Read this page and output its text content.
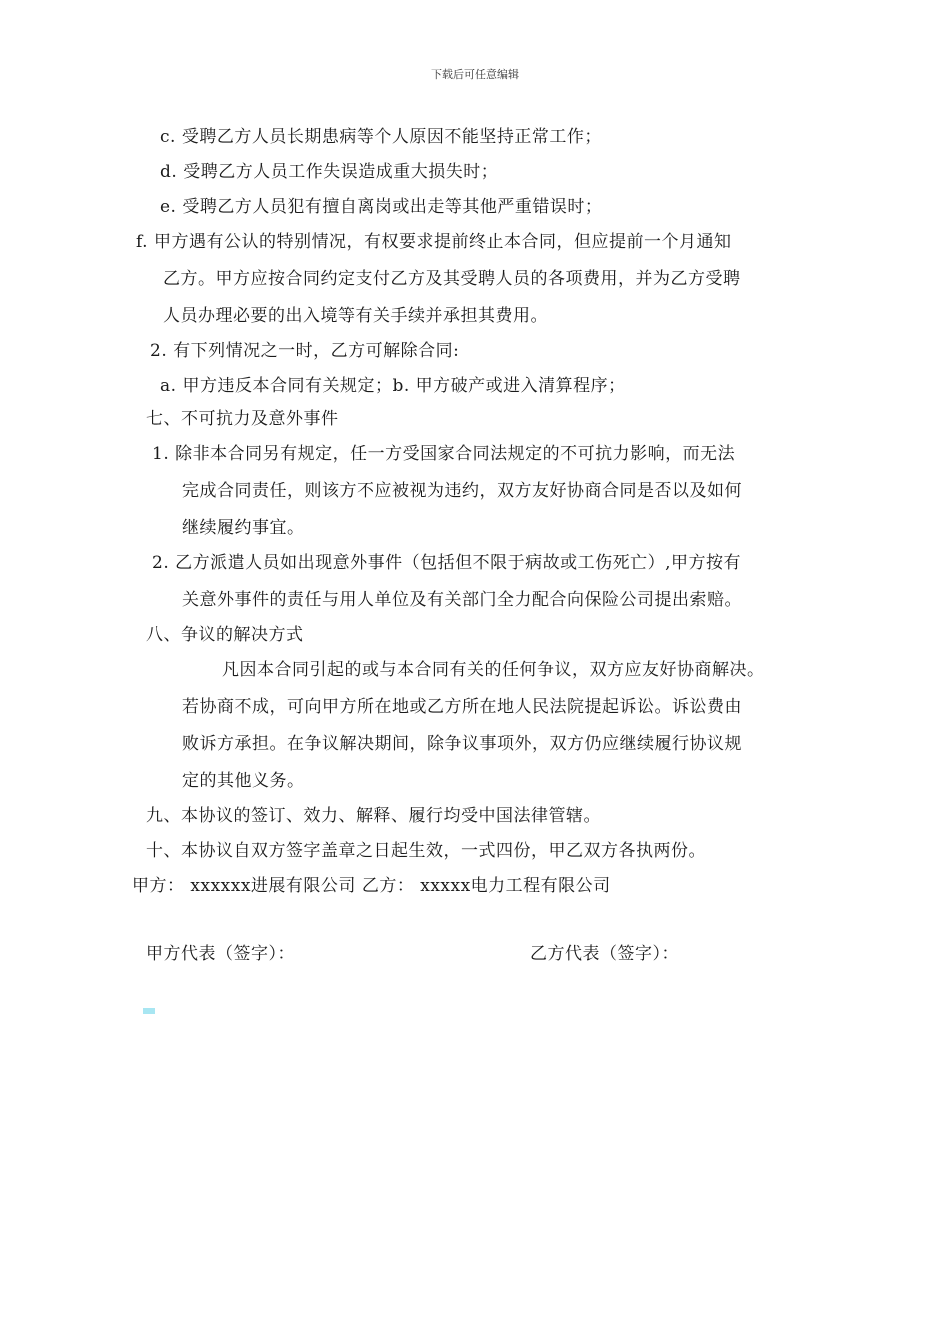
下载后可任意编辑
c. 受聘乙方人员长期患病等个人原因不能坚持正常工作；
d. 受聘乙方人员工作失误造成重大损失时；
e. 受聘乙方人员犯有擅自离岗或出走等其他严重错误时；
f. 甲方遇有公认的特别情况，有权要求提前终止本合同，但应提前一个月通知
乙方。甲方应按合同约定支付乙方及其受聘人员的各项费用，并为乙方受聘
人员办理必要的出入境等有关手续并承担其费用。
2. 有下列情况之一时，乙方可解除合同:
a. 甲方违反本合同有关规定；b. 甲方破产或进入清算程序；
七、不可抗力及意外事件
1. 除非本合同另有规定，任一方受国家合同法规定的不可抗力影响，而无法
完成合同责任，则该方不应被视为违约，双方友好协商合同是否以及如何
继续履约事宜。
2. 乙方派遣人员如出现意外事件（包括但不限于病故或工伤死亡）,甲方按有
关意外事件的责任与用人单位及有关部门全力配合向保险公司提出索赔。
八、争议的解决方式
凡因本合同引起的或与本合同有关的任何争议，双方应友好协商解决。
若协商不成，可向甲方所在地或乙方所在地人民法院提起诉讼。诉讼费由
败诉方承担。在争议解决期间，除争议事项外，双方仍应继续履行协议规
定的其他义务。
九、本协议的签订、效力、解释、履行均受中国法律管辖。
十、本协议自双方签字盖章之日起生效，一式四份，甲乙双方各执两份。
甲方： xxxxxx进展有限公司 乙方： xxxxx电力工程有限公司
甲方代表（签字）：	乙方代表（签字）：
